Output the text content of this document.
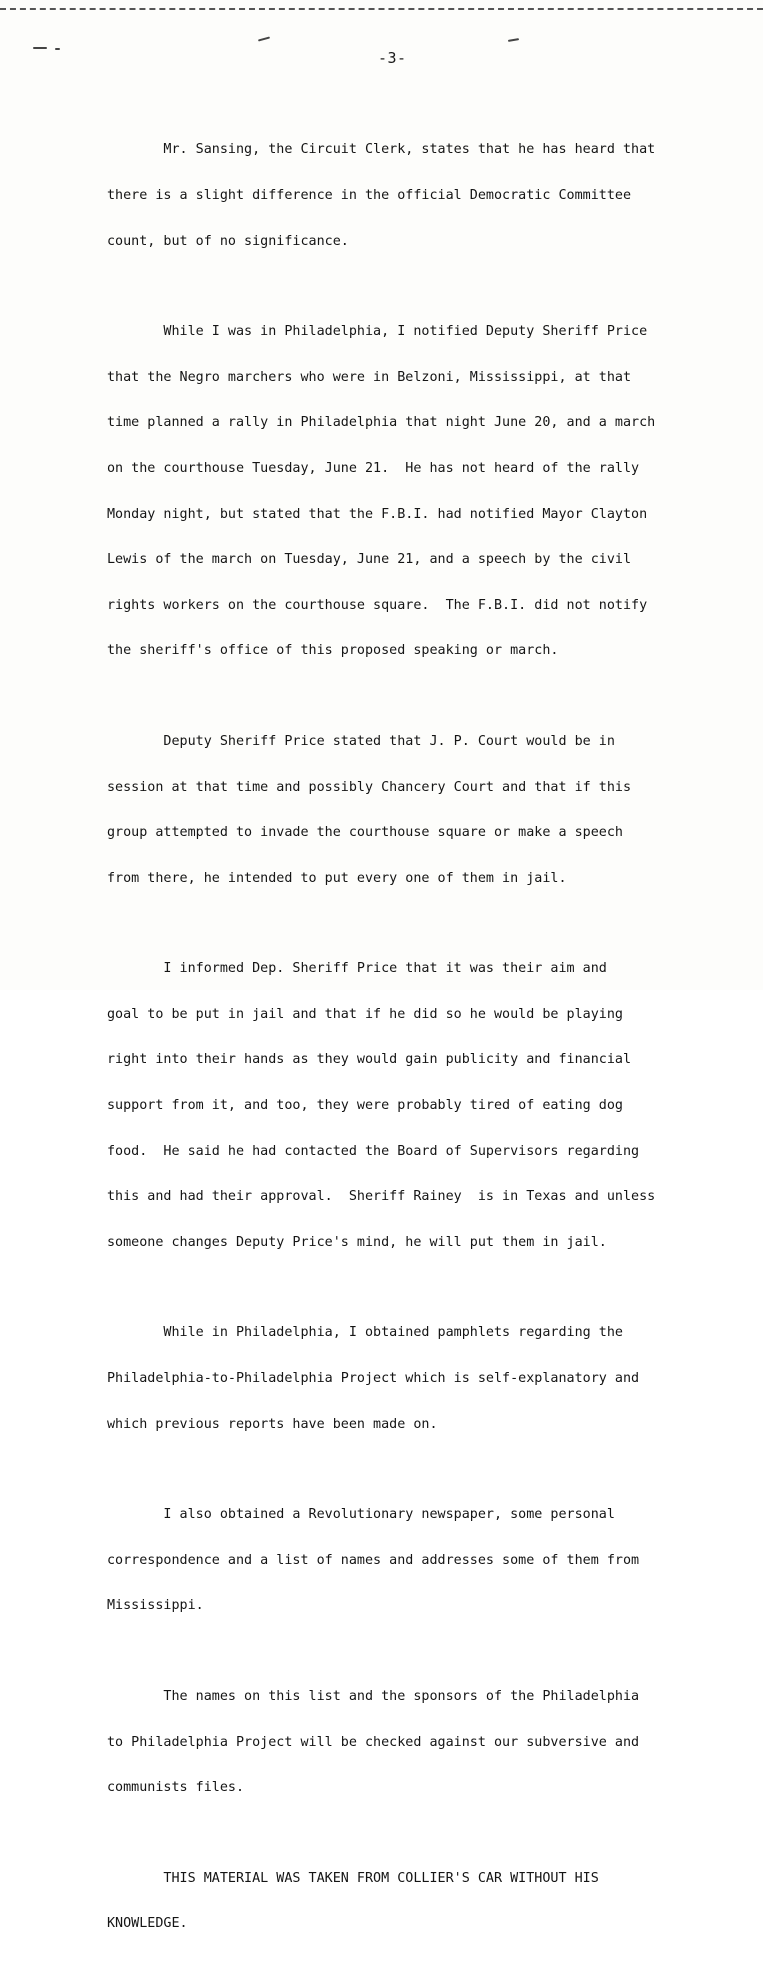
-3-

Mr. Sansing, the Circuit Clerk, states that he has heard that

there is a slight difference in the official Democratic Committee

count, but of no significance.

While I was in Philadelphia, I notified Deputy Sheriff Price

that the Negro marchers who were in Belzoni, Mississippi, at that

time planned a rally in Philadelphia that night June 20, and a march

on the courthouse Tuesday, June 21.  He has not heard of the rally

Monday night, but stated that the F.B.I. had notified Mayor Clayton

Lewis of the march on Tuesday, June 21, and a speech by the civil

rights workers on the courthouse square.  The F.B.I. did not notify

the sheriff's office of this proposed speaking or march.

Deputy Sheriff Price stated that J. P. Court would be in

session at that time and possibly Chancery Court and that if this

group attempted to invade the courthouse square or make a speech

from there, he intended to put every one of them in jail.

I informed Dep. Sheriff Price that it was their aim and

goal to be put in jail and that if he did so he would be playing

right into their hands as they would gain publicity and financial

support from it, and too, they were probably tired of eating dog

food.  He said he had contacted the Board of Supervisors regarding

this and had their approval.  Sheriff Rainey  is in Texas and unless

someone changes Deputy Price's mind, he will put them in jail.

While in Philadelphia, I obtained pamphlets regarding the

Philadelphia-to-Philadelphia Project which is self-explanatory and

which previous reports have been made on.

I also obtained a Revolutionary newspaper, some personal

correspondence and a list of names and addresses some of them from

Mississippi.

The names on this list and the sponsors of the Philadelphia

to Philadelphia Project will be checked against our subversive and

communists files.

THIS MATERIAL WAS TAKEN FROM COLLIER'S CAR WITHOUT HIS

KNOWLEDGE.
